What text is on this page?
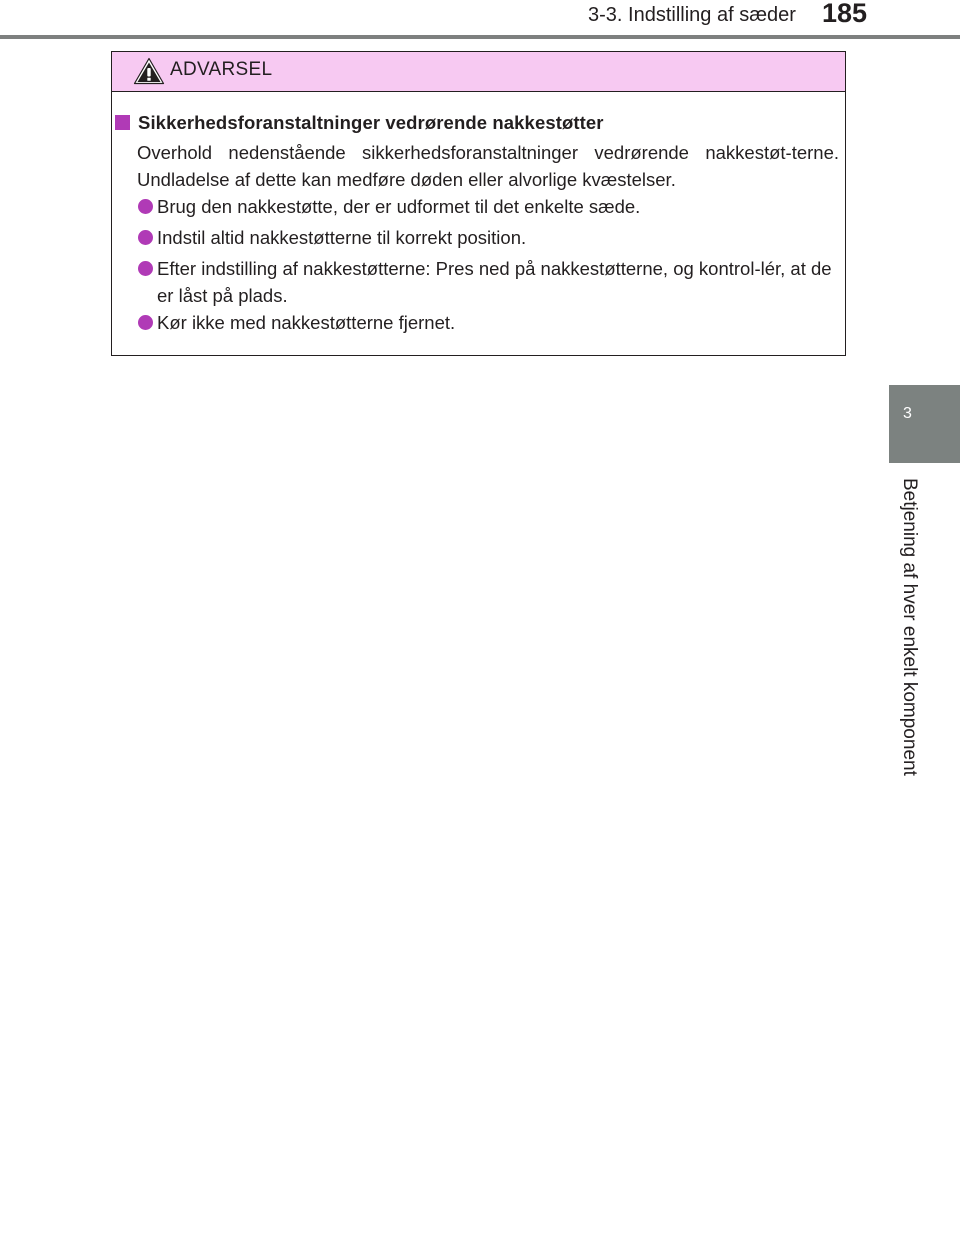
3-3. Indstilling af sæder 185
3
Betjening af hver enkelt komponent
ADVARSEL
Sikkerhedsforanstaltninger vedrørende nakkestøtter
Overhold nedenstående sikkerhedsforanstaltninger vedrørende nakkestøt-terne. Undladelse af dette kan medføre døden eller alvorlige kvæstelser.
Brug den nakkestøtte, der er udformet til det enkelte sæde.
Indstil altid nakkestøtterne til korrekt position.
Efter indstilling af nakkestøtterne: Pres ned på nakkestøtterne, og kontrol-lér, at de er låst på plads.
Kør ikke med nakkestøtterne fjernet.
